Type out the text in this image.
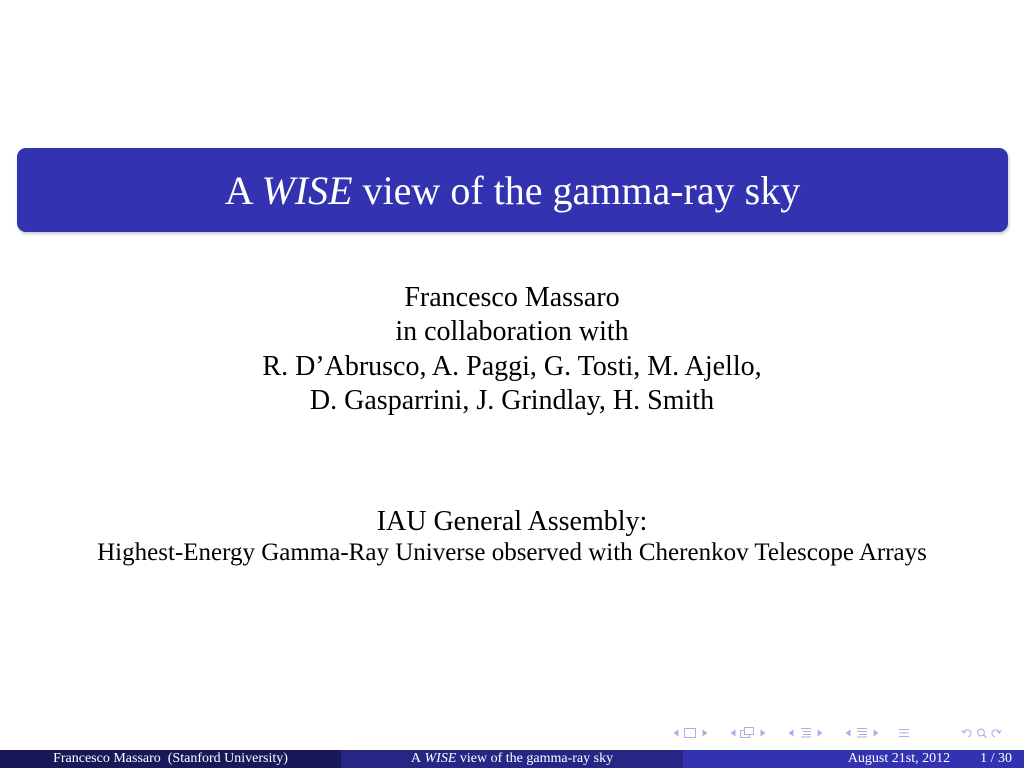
A WISE view of the gamma-ray sky
Francesco Massaro
in collaboration with
R. D’Abrusco, A. Paggi, G. Tosti, M. Ajello,
D. Gasparrini, J. Grindlay, H. Smith
IAU General Assembly:
Highest-Energy Gamma-Ray Universe observed with Cherenkov Telescope Arrays
Francesco Massaro (Stanford University)	A
WISE
view of the gamma-ray sky	August 21st, 2012 1 / 30
